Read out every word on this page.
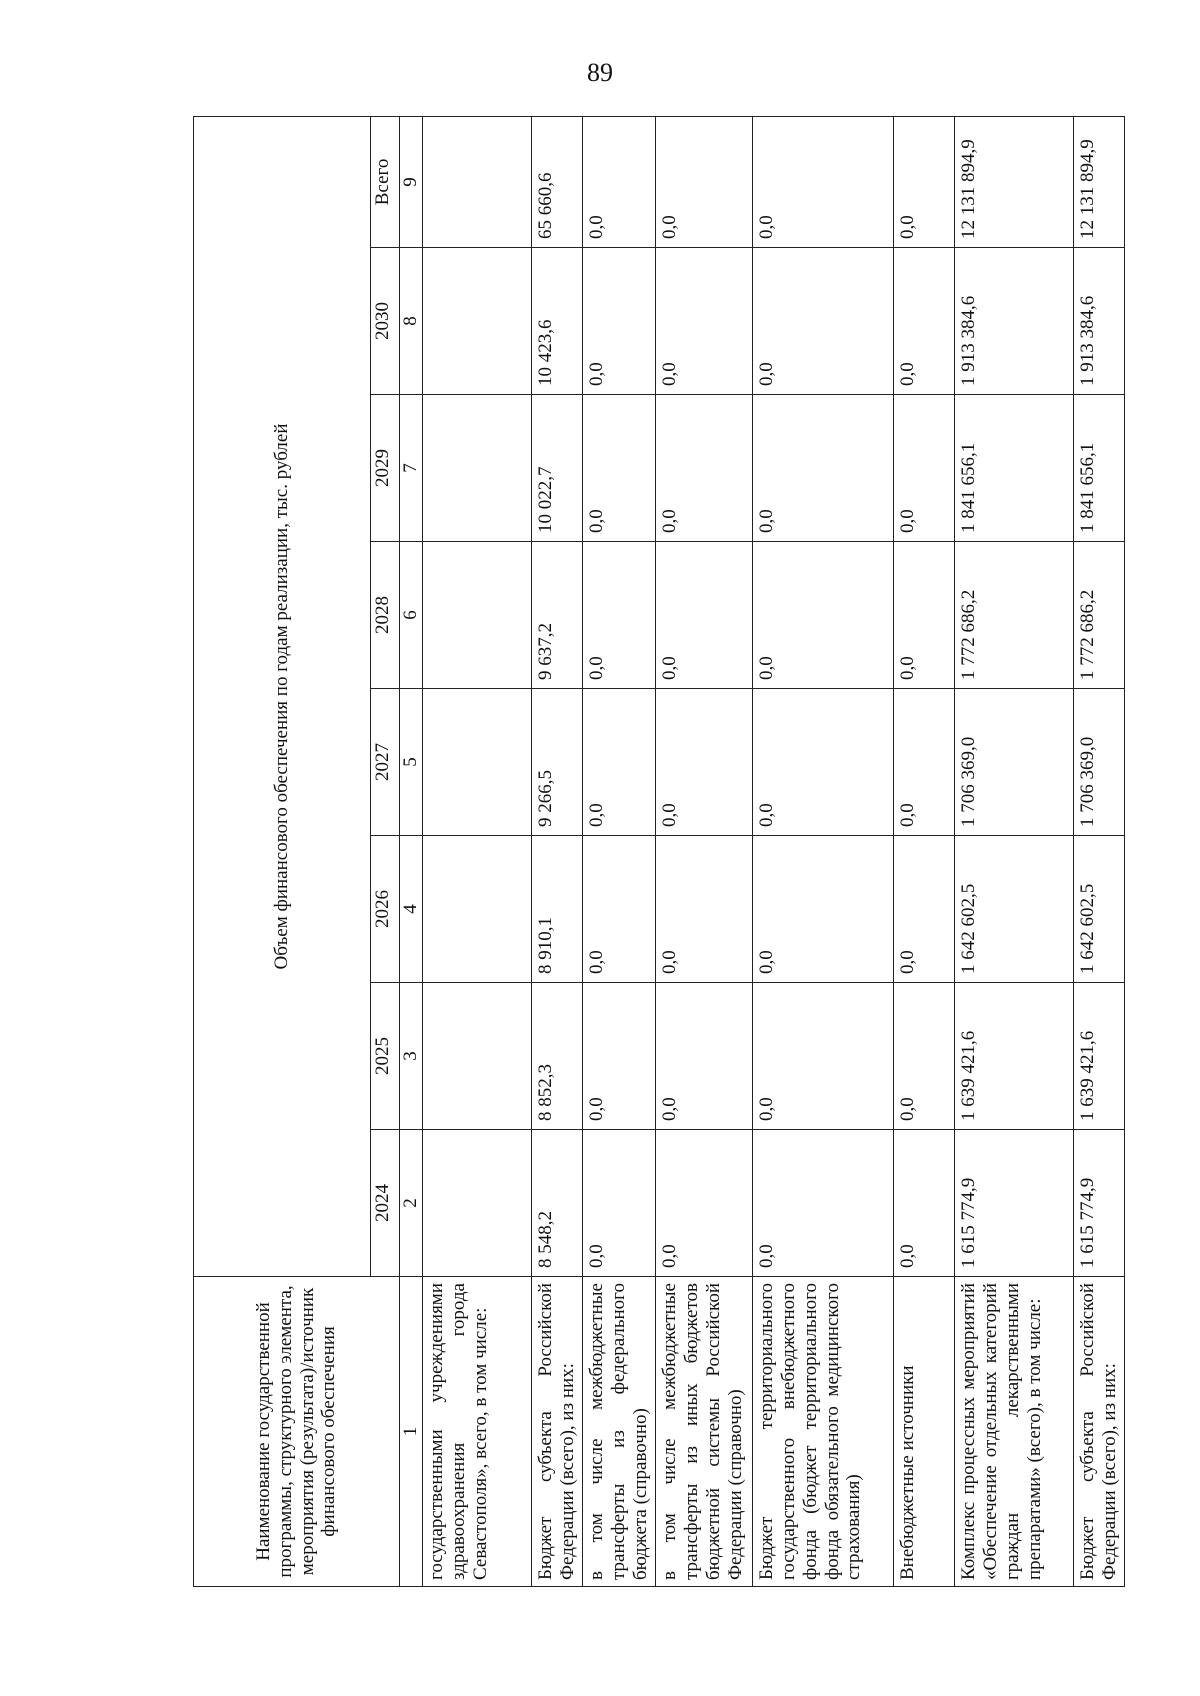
89
Наименование государственной программы, структурного элемента, мероприятия (результата)/источник финансового обеспечения	Объем финансового обеспечения по годам реализации, тыс. рублей							
	2024	2025	2026	2027	2028	2029	2030	Всего
1	2	3	4	5	6	7	8	9
государственными учреждениями здравоохранения города Севастополя», всего, в том числе:								
Бюджет субъекта Российской Федерации (всего), из них:	8 548,2	8 852,3	8 910,1	9 266,5	9 637,2	10 022,7	10 423,6	65 660,6
в том числе межбюджетные трансферты из федерального бюджета (справочно)	0,0	0,0	0,0	0,0	0,0	0,0	0,0	0,0
в том числе межбюджетные трансферты из иных бюджетов бюджетной системы Российской Федерации (справочно)	0,0	0,0	0,0	0,0	0,0	0,0	0,0	0,0
Бюджет территориального государственного внебюджетного фонда (бюджет территориального фонда обязательного медицинского страхования)	0,0	0,0	0,0	0,0	0,0	0,0	0,0	0,0
Внебюджетные источники	0,0	0,0	0,0	0,0	0,0	0,0	0,0	0,0
Комплекс процессных мероприятий «Обеспечение отдельных категорий граждан лекарственными препаратами» (всего), в том числе:	1 615 774,9	1 639 421,6	1 642 602,5	1 706 369,0	1 772 686,2	1 841 656,1	1 913 384,6	12 131 894,9
Бюджет субъекта Российской Федерации (всего), из них:	1 615 774,9	1 639 421,6	1 642 602,5	1 706 369,0	1 772 686,2	1 841 656,1	1 913 384,6	12 131 894,9
